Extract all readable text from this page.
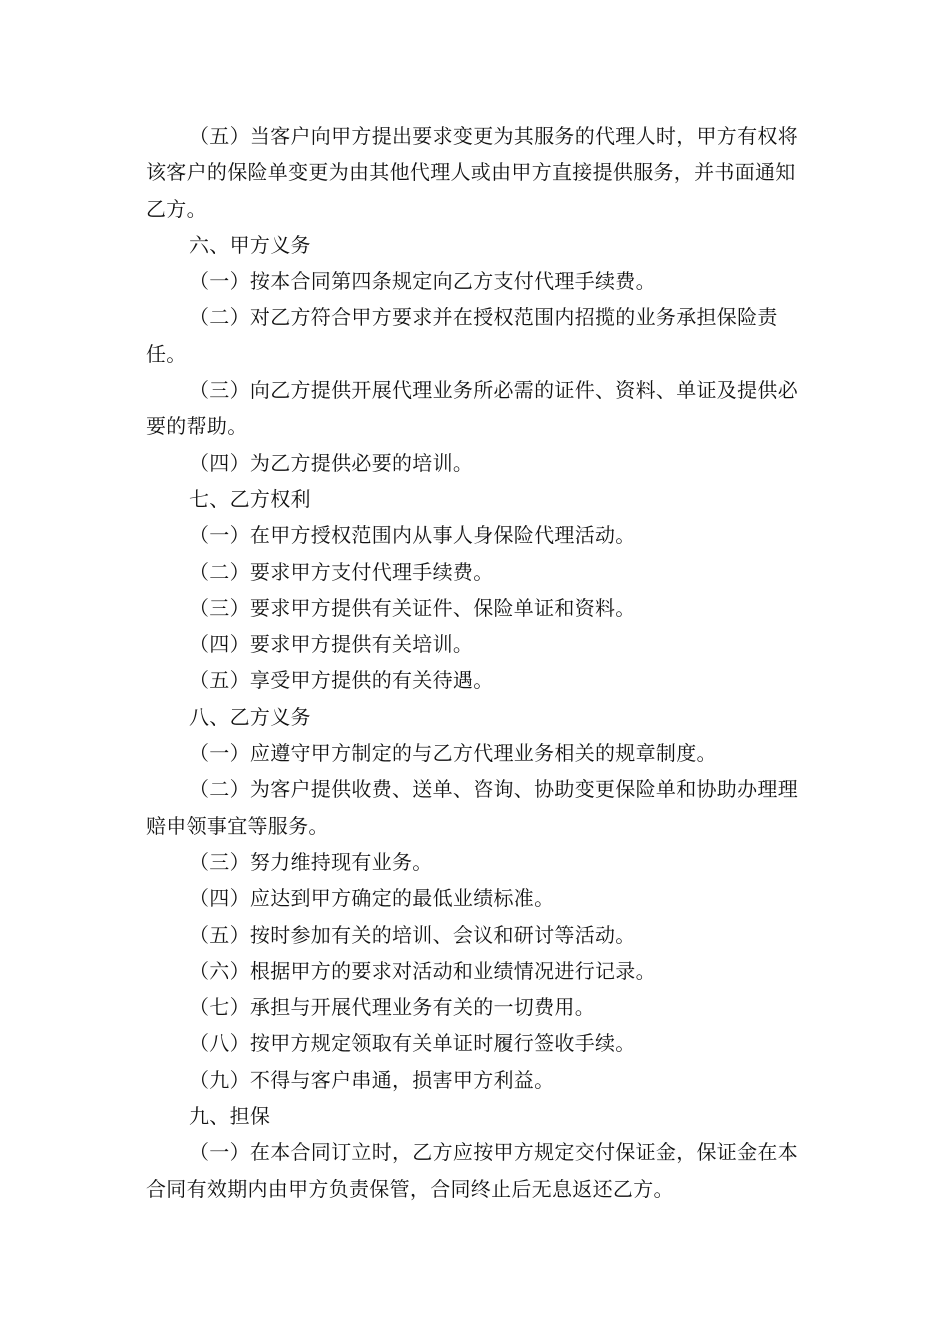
（五）当客户向甲方提出要求变更为其服务的代理人时，甲方有权将该客户的保险单变更为由其他代理人或由甲方直接提供服务，并书面通知乙方。

六、甲方义务

（一）按本合同第四条规定向乙方支付代理手续费。

（二）对乙方符合甲方要求并在授权范围内招揽的业务承担保险责任。

（三）向乙方提供开展代理业务所必需的证件、资料、单证及提供必要的帮助。

（四）为乙方提供必要的培训。

七、乙方权利

（一）在甲方授权范围内从事人身保险代理活动。

（二）要求甲方支付代理手续费。

（三）要求甲方提供有关证件、保险单证和资料。

（四）要求甲方提供有关培训。

（五）享受甲方提供的有关待遇。

八、乙方义务

（一）应遵守甲方制定的与乙方代理业务相关的规章制度。

（二）为客户提供收费、送单、咨询、协助变更保险单和协助办理理赔申领事宜等服务。

（三）努力维持现有业务。

（四）应达到甲方确定的最低业绩标准。

（五）按时参加有关的培训、会议和研讨等活动。

（六）根据甲方的要求对活动和业绩情况进行记录。

（七）承担与开展代理业务有关的一切费用。

（八）按甲方规定领取有关单证时履行签收手续。

（九）不得与客户串通，损害甲方利益。

九、担保

（一）在本合同订立时，乙方应按甲方规定交付保证金，保证金在本合同有效期内由甲方负责保管，合同终止后无息返还乙方。
